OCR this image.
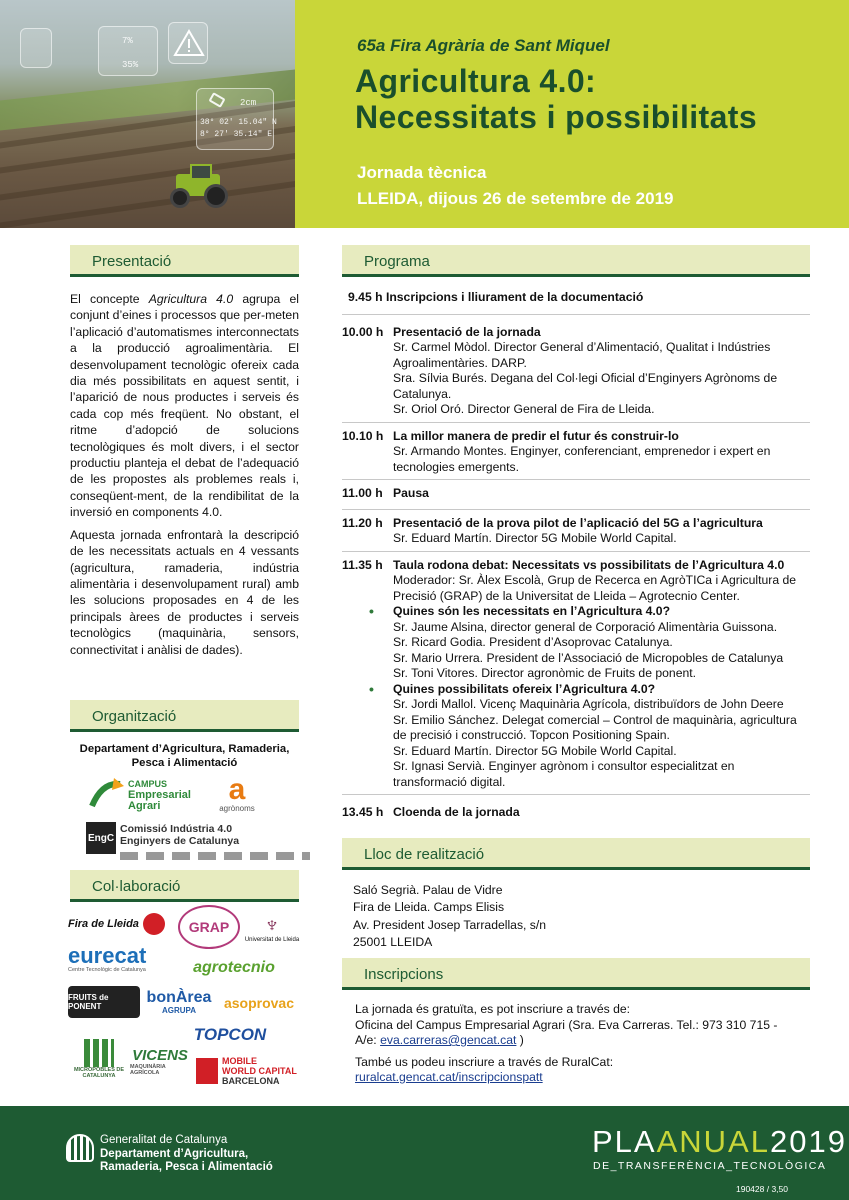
7%
35%
2cm
38° 02' 15.04" N
8° 27' 35.14" E
65a Fira Agrària de Sant Miquel
Agricultura 4.0:
Necessitats i possibilitats
Jornada tècnica
LLEIDA, dijous 26 de setembre de 2019
Presentació

El concepte Agricultura 4.0 agrupa el conjunt d’eines i processos que per-meten l’aplicació d’automatismes interconnectats a la producció agroalimentària. El desenvolupament tecnològic ofereix cada dia més possibilitats en aquest sentit, i l’aparició de nous productes i serveis és cada cop més freqüent. No obstant, el ritme d’adopció de solucions tecnològiques és molt divers, i el sector productiu planteja el debat de l’adequació de les propostes als problemes reals i, conseqüent-ment, de la rendibilitat de la inversió en components 4.0.

Aquesta jornada enfrontarà la descripció de les necessitats actuals en 4 vessants (agricultura, ramaderia, indústria alimentària i desenvolupament rural) amb les solucions proposades en 4 de les principals àrees de productes i serveis tecnològics (maquinària, sensors, connectivitat i anàlisi de dades).

Organització
Departament d’Agricultura, Ramaderia, Pesca i Alimentació
CAMPUS
Empresarial
Agrari	a
agrònoms
EngC
Comissió Indústria 4.0
Enginyers de Catalunya
Col·laboració
Fira de Lleida	GRAP ♆
Universitat de Lleida
eurecat
Centre Tecnològic de Catalunya	agrotecnio
FRUITS de PONENT
bonÀrea
AGRUPA	asoprovac
TOPCON
MICROPOBLES DE CATALUNYA
VICENS
MAQUINÀRIA AGRÍCOLA
MOBILE
WORLD CAPITAL
BARCELONA
Programa
9.45 h Inscripcions i lliurament de la documentació
10.00 h Presentació de la jornada
Sr. Carmel Mòdol. Director General d’Alimentació, Qualitat i Indústries Agroalimentàries. DARP.
Sra. Sílvia Burés. Degana del Col·legi Oficial d’Enginyers Agrònoms de Catalunya.
Sr. Oriol Oró. Director General de Fira de Lleida.
10.10 h La millor manera de predir el futur és construir-lo
Sr. Armando Montes. Enginyer, conferenciant, emprenedor i expert en tecnologies emergents.
11.00 h Pausa
11.20 h Presentació de la prova pilot de l’aplicació del 5G a l’agricultura
Sr. Eduard Martín. Director 5G Mobile World Capital.
11.35 h Taula rodona debat: Necessitats vs possibilitats de l’Agricultura 4.0
Moderador: Sr. Àlex Escolà, Grup de Recerca en AgròTICa i Agricultura de Precisió (GRAP) de la Universitat de Lleida – Agrotecnio Center.
• Quines són les necessitats en l’Agricultura 4.0?
Sr. Jaume Alsina, director general de Corporació Alimentària Guissona.
Sr. Ricard Godia. President d’Asoprovac Catalunya.
Sr. Mario Urrera. President de l’Associació de Micropobles de Catalunya
Sr. Toni Vitores. Director agronòmic de Fruits de ponent.
• Quines possibilitats ofereix l’Agricultura 4.0?
Sr. Jordi Mallol. Vicenç Maquinària Agrícola, distribuïdors de John Deere
Sr. Emilio Sánchez. Delegat comercial – Control de maquinària, agricultura de precisió i construcció. Topcon Positioning Spain.
Sr. Eduard Martín. Director 5G Mobile World Capital.
Sr. Ignasi Servià. Enginyer agrònom i consultor especialitzat en transformació digital.
13.45 h Cloenda de la jornada
Lloc de realització
Saló Segrià. Palau de Vidre
Fira de Lleida. Camps Elisis
Av. President Josep Tarradellas, s/n
25001 LLEIDA
Inscripcions
La jornada és gratuïta, es pot inscriure a través de:
Oficina del Campus Empresarial Agrari (Sra. Eva Carreras. Tel.: 973 310 715 -
A/e: eva.carreras@gencat.cat )
També us podeu inscriure a través de RuralCat:
ruralcat.gencat.cat/inscripcionspatt
Generalitat de Catalunya
Departament d’Agricultura,
Ramaderia, Pesca i Alimentació
PLAANUAL2019
DE_TRANSFERÈNCIA_TECNOLÒGICA
190428 / 3,50
